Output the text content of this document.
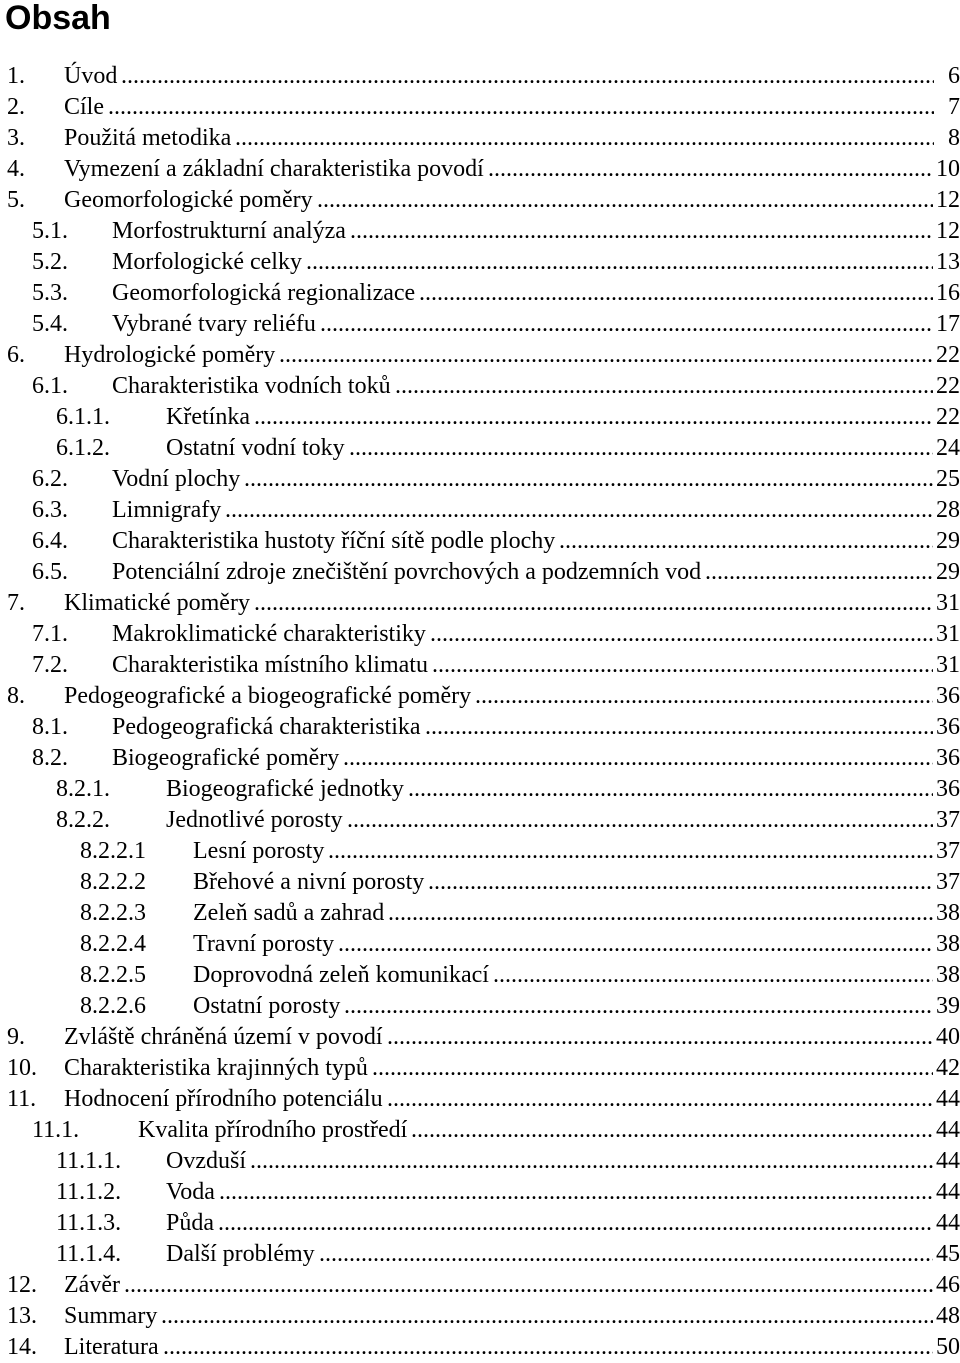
Obsah
1. ..... Úvod	6
2. ..... Cíle	7
3. ..... Použitá metodika	8
4. ..... Vymezení a základní charakteristika povodí	10
5. ..... Geomorfologické poměry	12
5.1. ..... Morfostrukturní analýza	12
5.2. ..... Morfologické celky	13
5.3. ..... Geomorfologická regionalizace	16
5.4. ..... Vybrané tvary reliéfu	17
6. ..... Hydrologické poměry	22
6.1. ..... Charakteristika vodních toků	22
6.1.1. ..... Křetínka	22
6.1.2. ..... Ostatní vodní toky	24
6.2. ..... Vodní plochy	25
6.3. ..... Limnigrafy	28
6.4. ..... Charakteristika hustoty říční sítě podle plochy	29
6.5. ..... Potenciální zdroje znečištění povrchových a podzemních vod	29
7. ..... Klimatické poměry	31
7.1. ..... Makroklimatické charakteristiky	31
7.2. ..... Charakteristika místního klimatu	31
8. ..... Pedogeografické a biogeografické poměry	36
8.1. ..... Pedogeografická charakteristika	36
8.2. ..... Biogeografické poměry	36
8.2.1. ..... Biogeografické jednotky	36
8.2.2. ..... Jednotlivé porosty	37
8.2.2.1 ..... Lesní porosty	37
8.2.2.2 ..... Břehové a nivní porosty	37
8.2.2.3 ..... Zeleň sadů a zahrad	38
8.2.2.4 ..... Travní porosty	38
8.2.2.5 ..... Doprovodná zeleň komunikací	38
8.2.2.6 ..... Ostatní porosty	39
9. ..... Zvláště chráněná území v povodí	40
10. ..... Charakteristika krajinných typů	42
11. ..... Hodnocení přírodního potenciálu	44
11.1. ..... Kvalita přírodního prostředí	44
11.1.1. ..... Ovzduší	44
11.1.2. ..... Voda	44
11.1.3. ..... Půda	44
11.1.4. ..... Další problémy	45
12. ..... Závěr	46
13. ..... Summary	48
14. ..... Literatura	50
